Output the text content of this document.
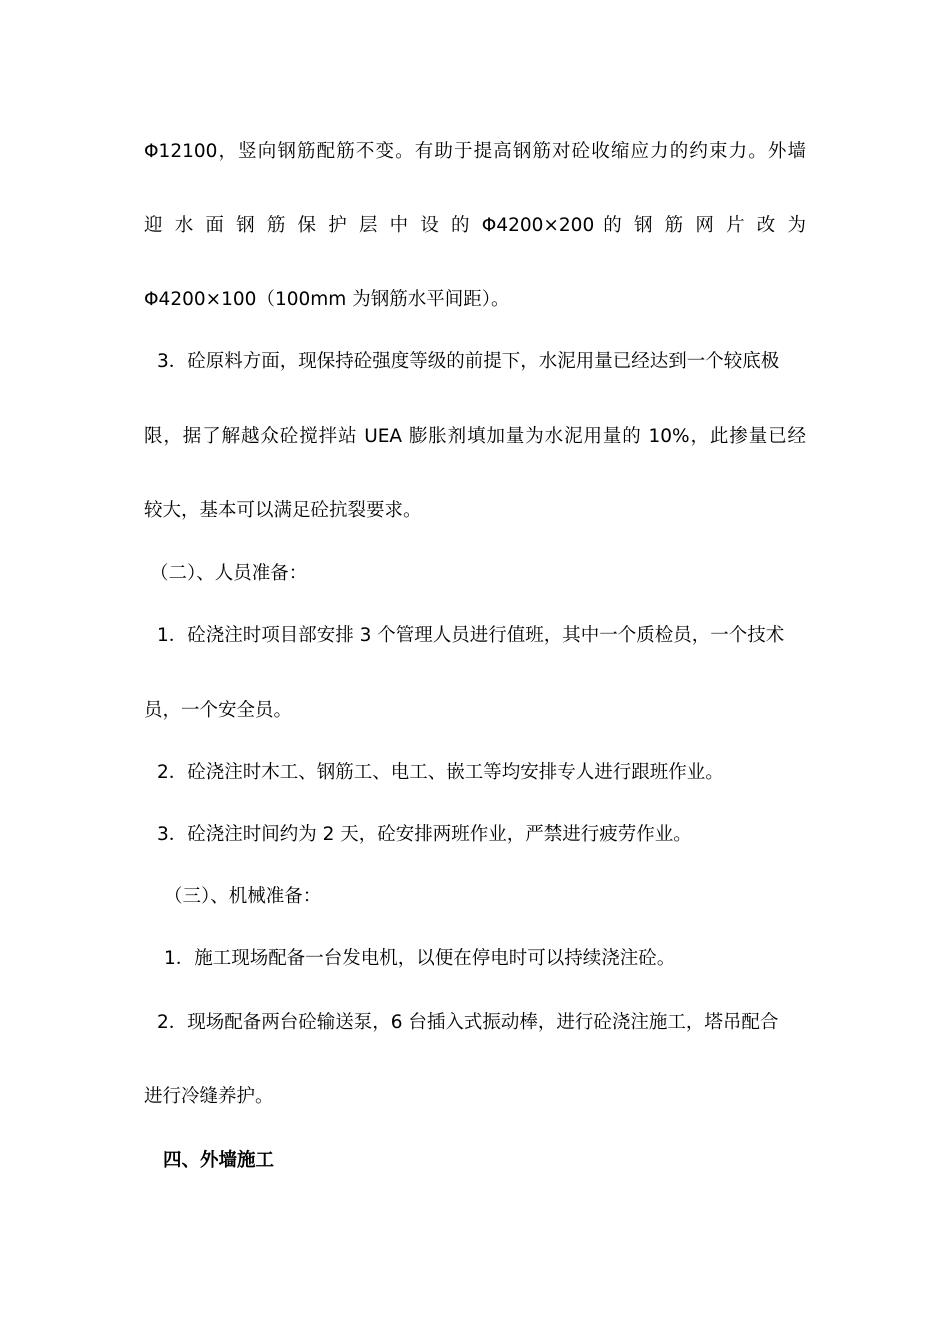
Φ12100，竖向钢筋配筋不变。有助于提高钢筋对砼收缩应力的约束力。外墙
迎 水 面 钢 筋 保 护 层 中 设 的 Φ4200×200 的 钢 筋 网 片 改 为
Φ4200×100（100mm 为钢筋水平间距）。
3．砼原料方面，现保持砼强度等级的前提下，水泥用量已经达到一个较底极
限，据了解越众砼搅拌站 UEA 膨胀剂填加量为水泥用量的 10%，此掺量已经
较大，基本可以满足砼抗裂要求。
（二）、人员准备：
1．砼浇注时项目部安排 3 个管理人员进行值班，其中一个质检员，一个技术
员，一个安全员。
2．砼浇注时木工、钢筋工、电工、嵌工等均安排专人进行跟班作业。
3．砼浇注时间约为 2 天，砼安排两班作业，严禁进行疲劳作业。
（三）、机械准备：
1．施工现场配备一台发电机，以便在停电时可以持续浇注砼。
2．现场配备两台砼输送泵，6 台插入式振动棒，进行砼浇注施工，塔吊配合
进行冷缝养护。
四、外墙施工
